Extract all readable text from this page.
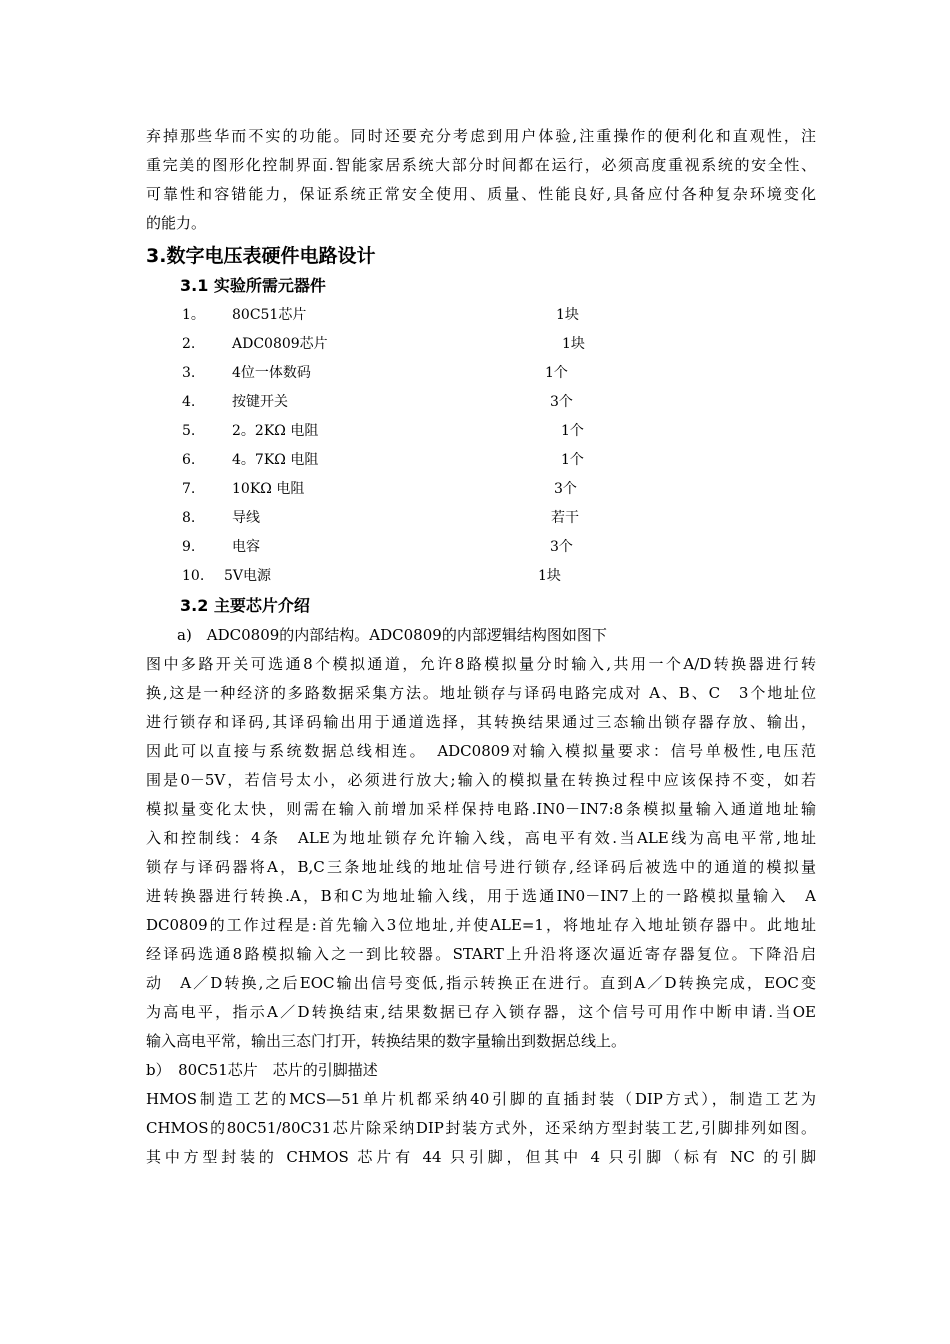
弃掉那些华而不实的功能。同时还要充分考虑到用户体验,注重操作的便利化和直观性，注

重完美的图形化控制界面.智能家居系统大部分时间都在运行，必须高度重视系统的安全性、

可靠性和容错能力，保证系统正常安全使用、质量、性能良好,具备应付各种复杂环境变化

的能力。

3.数字电压表硬件电路设计
3.1 实验所需元器件
1。 80C51芯片	1块
2.	ADC0809芯片	1块
3.	4位一体数码	1个
4.	按键开关	3个
5.	2。2KΩ 电阻	1个
6.	4。7KΩ 电阻	1个
7.	10KΩ 电阻	3个
8.	导线	若干
9.	电容	3个
10. 5V电源	1块
3.2 主要芯片介绍

a)　ADC0809的内部结构。ADC0809的内部逻辑结构图如图下

图中多路开关可选通8个模拟通道，允许8路模拟量分时输入,共用一个A/D转换器进行转

换,这是一种经济的多路数据采集方法。地址锁存与译码电路完成对 A、B、C　3个地址位

进行锁存和译码,其译码输出用于通道选择，其转换结果通过三态输出锁存器存放、输出，

因此可以直接与系统数据总线相连。　ADC0809对输入模拟量要求：信号单极性,电压范

围是0－5V，若信号太小，必须进行放大;输入的模拟量在转换过程中应该保持不变，如若

模拟量变化太快，则需在输入前增加采样保持电路.IN0－IN7:8条模拟量输入通道地址输

入和控制线：4条　ALE为地址锁存允许输入线，高电平有效.当ALE线为高电平常,地址

锁存与译码器将A，B,C三条地址线的地址信号进行锁存,经译码后被选中的通道的模拟量

进转换器进行转换.A，B和C为地址输入线，用于选通IN0－IN7上的一路模拟量输入　A

DC0809的工作过程是:首先输入3位地址,并使ALE=1，将地址存入地址锁存器中。此地址

经译码选通8路模拟输入之一到比较器。START上升沿将逐次逼近寄存器复位。下降沿启

动　A／D转换,之后EOC输出信号变低,指示转换正在进行。直到A／D转换完成，EOC变

为高电平，指示A／D转换结束,结果数据已存入锁存器，这个信号可用作中断申请.当OE

输入高电平常，输出三态门打开，转换结果的数字量输出到数据总线上。

b）　80C51芯片　芯片的引脚描述

HMOS制造工艺的MCS—51单片机都采纳40引脚的直插封装（DIP方式），制造工艺为

CHMOS的80C51/80C31芯片除采纳DIP封装方式外，还采纳方型封装工艺,引脚排列如图。

其中方型封装的 CHMOS 芯片有 44 只引脚，但其中 4 只引脚（标有 NC 的引脚
